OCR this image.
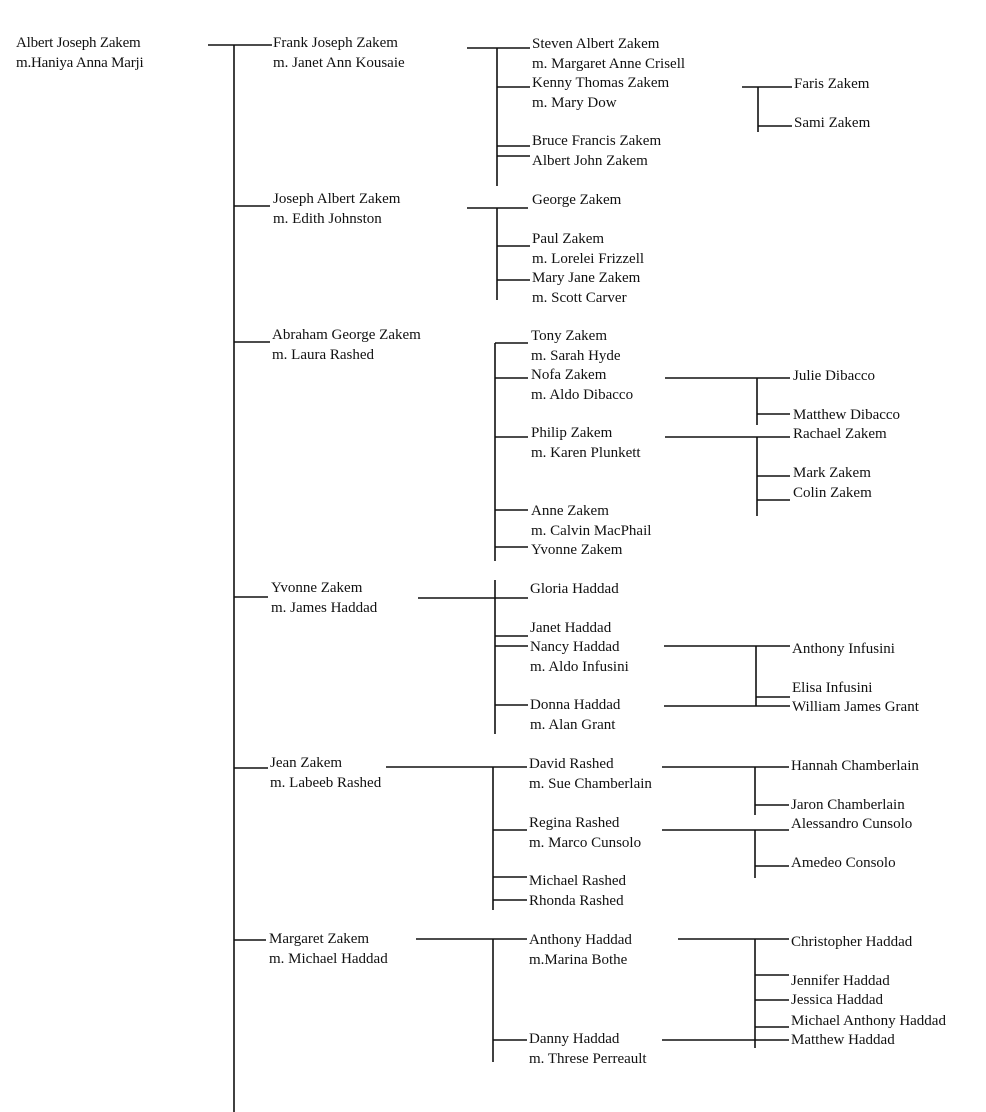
Albert Joseph Zakem
m.Haniya Anna Marji

Frank Joseph Zakem
m. Janet Ann Kousaie

Joseph Albert Zakem
m. Edith Johnston

Abraham George Zakem
m. Laura Rashed

Yvonne Zakem
m. James Haddad

Jean Zakem
m. Labeeb Rashed

Margaret Zakem
m. Michael Haddad

Steven Albert Zakem
m. Margaret Anne Crisell

Kenny Thomas Zakem
m. Mary Dow

Bruce Francis Zakem

Albert John Zakem

George Zakem

Paul Zakem
m. Lorelei Frizzell

Mary Jane Zakem
m. Scott Carver

Tony Zakem
m. Sarah Hyde

Nofa Zakem
m. Aldo Dibacco

Philip Zakem
m. Karen Plunkett

Anne Zakem
m. Calvin MacPhail

Yvonne Zakem

Gloria Haddad

Janet Haddad

Nancy Haddad
m. Aldo Infusini

Donna Haddad
m. Alan Grant

David Rashed
m. Sue Chamberlain

Regina Rashed
m. Marco Cunsolo

Michael Rashed

Rhonda Rashed

Anthony Haddad
m.Marina Bothe

Danny Haddad
m. Threse Perreault

Faris Zakem

Sami Zakem

Julie Dibacco

Matthew Dibacco

Rachael Zakem

Mark Zakem

Colin Zakem

Anthony Infusini

Elisa Infusini

William James Grant

Hannah Chamberlain

Jaron Chamberlain

Alessandro Cunsolo

Amedeo Consolo

Christopher Haddad

Jennifer Haddad

Jessica Haddad

Michael Anthony Haddad

Matthew Haddad
